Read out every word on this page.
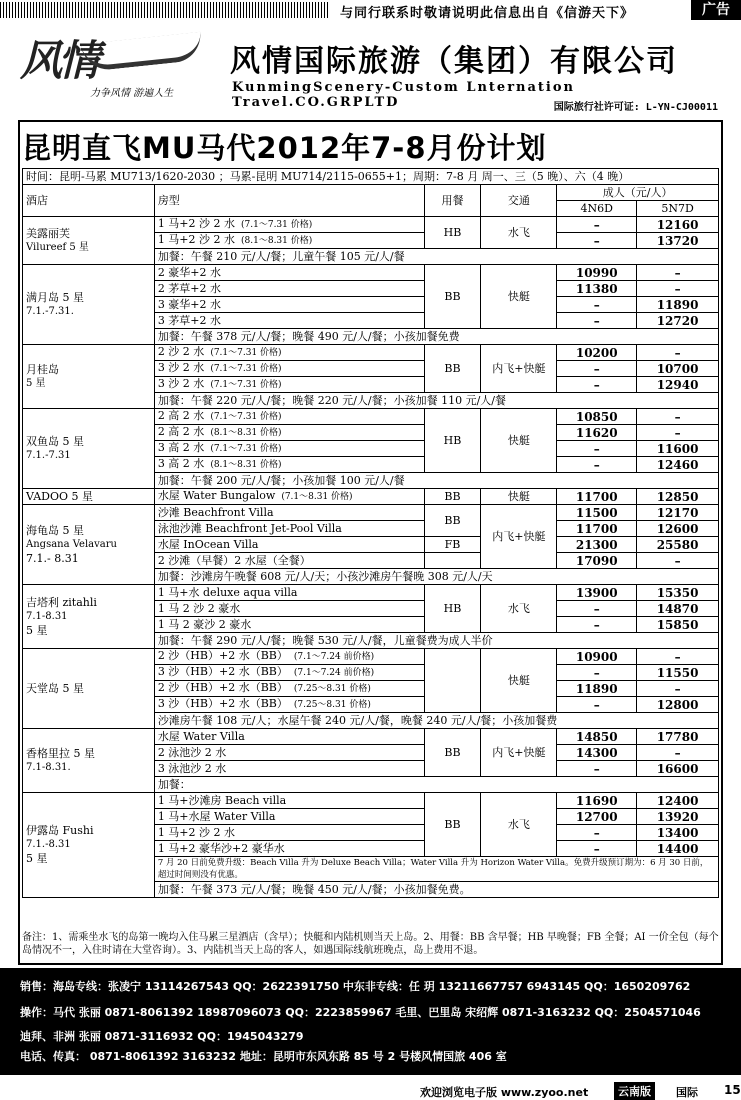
与同行联系时敬请说明此信息出自《信游天下》	广告
风情
力争风情 游遍人生
风情国际旅游（集团）有限公司
KunmingScenery-Custom Lnternation Travel.CO.GRPLTD	国际旅行社许可证: L-YN-CJ00011
昆明直飞MU马代2012年7-8月份计划
时间：昆明-马累 MU713/1620-2030 ；马累-昆明 MU714/2115-0655+1；周期：7-8 月 周一、三（5 晚）、六（4 晚）					
酒店	房型	用餐	交通	成人（元/人）	
				4N6D	5N7D

美露丽芙
Vilureef 5 星	1 马+2 沙 2 水 (7.1～7.31 价格)	HB	水飞	–	12160
	1 马+2 沙 2 水 (8.1～8.31 价格)			–	13720
	加餐：午餐 210 元/人/餐；儿童午餐 105 元/人/餐				

满月岛 5 星
7.1.-7.31.	2 豪华+2 水	BB	快艇	10990	–
	2 茅草+2 水			11380	–
	3 豪华+2 水			–	11890
	3 茅草+2 水			–	12720
	加餐：午餐 378 元/人/餐；晚餐 490 元/人/餐；小孩加餐免费				

月桂岛
5 星	2 沙 2 水 (7.1～7.31 价格)	BB	内飞+快艇	10200	–
	3 沙 2 水 (7.1～7.31 价格)			–	10700
	3 沙 2 水 (7.1～7.31 价格)			–	12940
	加餐：午餐 220 元/人/餐；晚餐 220 元/人/餐；小孩加餐 110 元/人/餐				

双鱼岛 5 星
7.1.-7.31	2 高 2 水 (7.1～7.31 价格)	HB	快艇	10850	–
	2 高 2 水 (8.1～8.31 价格)			11620	–
	3 高 2 水 (7.1～7.31 价格)			–	11600
	3 高 2 水 (8.1～8.31 价格)			–	12460
	加餐：午餐 200 元/人/餐；小孩加餐 100 元/人/餐				

VADOO 5 星	水屋 Water Bungalow (7.1～8.31 价格)	BB	快艇	11700	12850

海龟岛 5 星
Angsana Velavaru
7.1.- 8.31	沙滩 Beachfront Villa	BB	内飞+快艇	11500	12170
	泳池沙滩 Beachfront Jet-Pool Villa			11700	12600
	水屋 InOcean Villa	FB		21300	25580
	2 沙滩（早餐）2 水屋（全餐）			17090	–
	加餐：沙滩房午晚餐 608 元/人/天；小孩沙滩房午餐晚 308 元/人/天				

吉塔利 zitahli
7.1-8.31
5 星	1 马+水 deluxe aqua villa	HB	水飞	13900	15350
	1 马 2 沙 2 豪水			–	14870
	1 马 2 豪沙 2 豪水			–	15850
	加餐：午餐 290 元/人/餐；晚餐 530 元/人/餐，儿童餐费为成人半价				

天堂岛 5 星	2 沙（HB）+2 水（BB） (7.1～7.24 前价格)		快艇	10900	–
	3 沙（HB）+2 水（BB） (7.1～7.24 前价格)			–	11550
	2 沙（HB）+2 水（BB） (7.25～8.31 价格)			11890	–
	3 沙（HB）+2 水（BB） (7.25～8.31 价格)			–	12800
	沙滩房午餐 108 元/人；水屋午餐 240 元/人/餐，晚餐 240 元/人/餐；小孩加餐费				

香格里拉 5 星
7.1-8.31.	水屋 Water Villa	BB	内飞+快艇	14850	17780
	2 泳池沙 2 水			14300	–
	3 泳池沙 2 水			–	16600
	加餐：				

伊露岛 Fushi
7.1.-8.31
5 星	1 马+沙滩房 Beach villa	BB	水飞	11690	12400
	1 马+水屋 Water Villa			12700	13920
	1 马+2 沙 2 水			–	13400
	1 马+2 豪华沙+2 豪华水			–	14400
	7 月 20 日前免费升级：Beach Villa 升为 Deluxe Beach Villa；Water Villa 升为 Horizon Water Villa。免费升级预订期为：6 月 30 日前，超过时间则没有优惠。				
	加餐：午餐 373 元/人/餐；晚餐 450 元/人/餐；小孩加餐免费。				
备注：1、需乘坐水飞的岛第一晚均入住马累三星酒店（含早）；快艇和内陆机则当天上岛。2、用餐：BB 含早餐；HB 早晚餐；FB 全餐；AI 一价全包（每个岛情况不一，入住时请在大堂咨询）。3、内陆机当天上岛的客人，如遇国际线航班晚点，岛上费用不退。
销售：海岛专线：张凌宁 13114267543 QQ：2622391750 中东非专线：任 玥 13211667757 6943145 QQ：1650209762
操作：马代 张丽 0871-8061392 18987096073 QQ：2223859967 毛里、巴里岛 宋绍辉 0871-3163232 QQ：2504571046
迪拜、非洲 张丽 0871-3116932 QQ：1945043279
电话、传真： 0871-8061392 3163232 地址：昆明市东风东路 85 号 2 号楼风情国旅 406 室
欢迎浏览电子版 www.zyoo.net	云南版	国际 15
